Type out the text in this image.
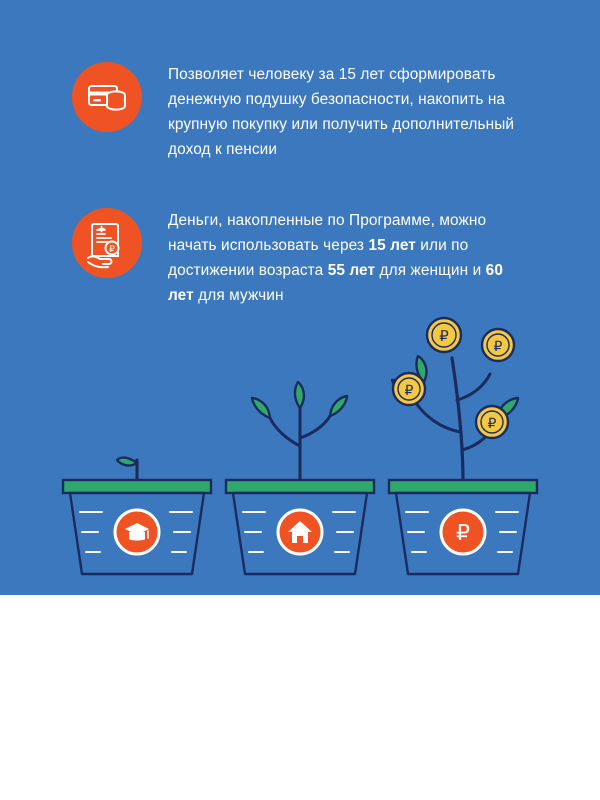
Позволяет человеку за 15 лет сформировать денежную подушку безопасности, накопить на крупную покупку или получить дополнительный доход к пенсии
₽
Деньги, накопленные по Программе, можно начать использовать через 15 лет или по достижении возраста 55 лет для женщин и 60 лет для мужчин
₽
₽
₽
₽
₽
